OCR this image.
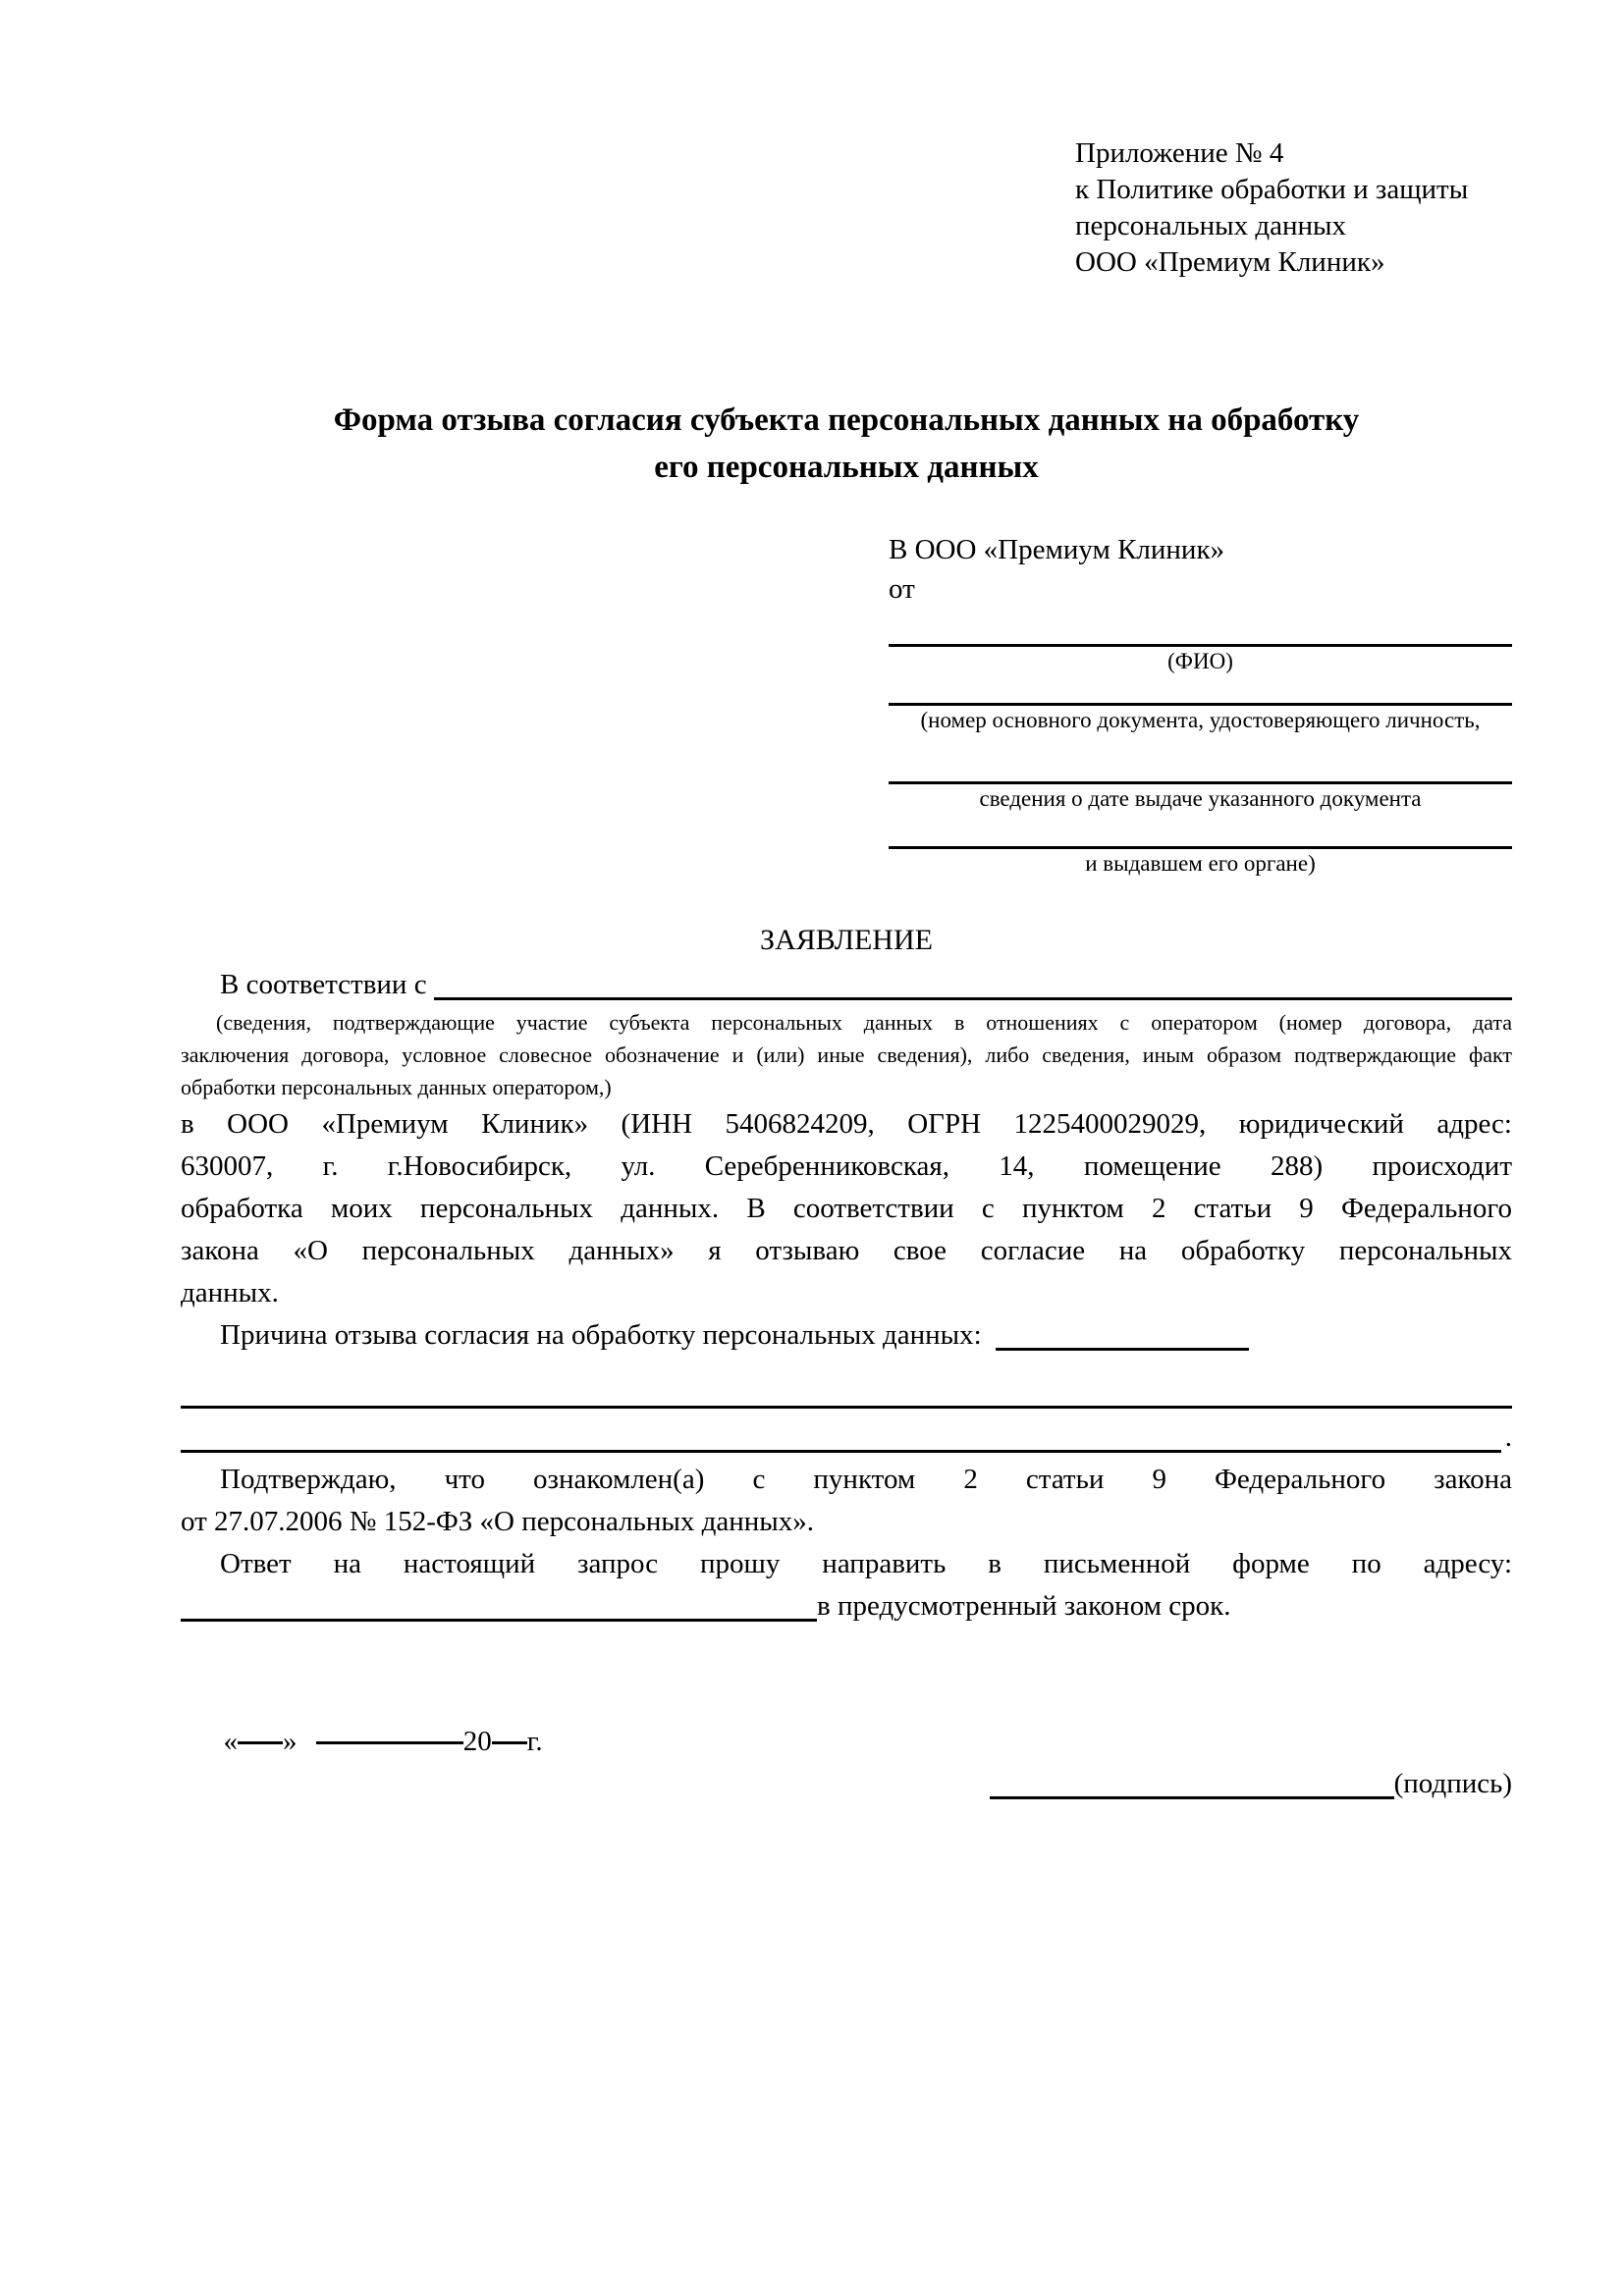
Приложение № 4
к Политике обработки и защиты
персональных данных
ООО «Премиум Клиник»
Форма отзыва согласия субъекта персональных данных на обработку
его персональных данных
В ООО «Премиум Клиник»
от
(ФИО)
(номер основного документа, удостоверяющего личность,
сведения о дате выдаче указанного документа
и выдавшем его органе)
ЗАЯВЛЕНИЕ
В соответствии с
(сведения, подтверждающие участие субъекта персональных данных в отношениях с оператором (номер договора, дата
заключения договора, условное словесное обозначение и (или) иные сведения), либо сведения, иным образом подтверждающие факт
обработки персональных данных оператором,)
в ООО «Премиум Клиник» (ИНН 5406824209, ОГРН 1225400029029, юридический адрес:
630007, г. г.Новосибирск, ул. Серебренниковская, 14, помещение 288) происходит
обработка моих персональных данных. В соответствии с пунктом 2 статьи 9 Федерального
закона «О персональных данных» я отзываю свое согласие на обработку персональных
данных.
Причина отзыва согласия на обработку персональных данных:
.
Подтверждаю, что ознакомлен(а) с пунктом 2 статьи 9 Федерального закона
от 27.07.2006 № 152-ФЗ «О персональных данных».
Ответ на настоящий запрос прошу направить в письменной форме по адресу:
в предусмотренный законом срок.

« »	20 г.

(подпись)
